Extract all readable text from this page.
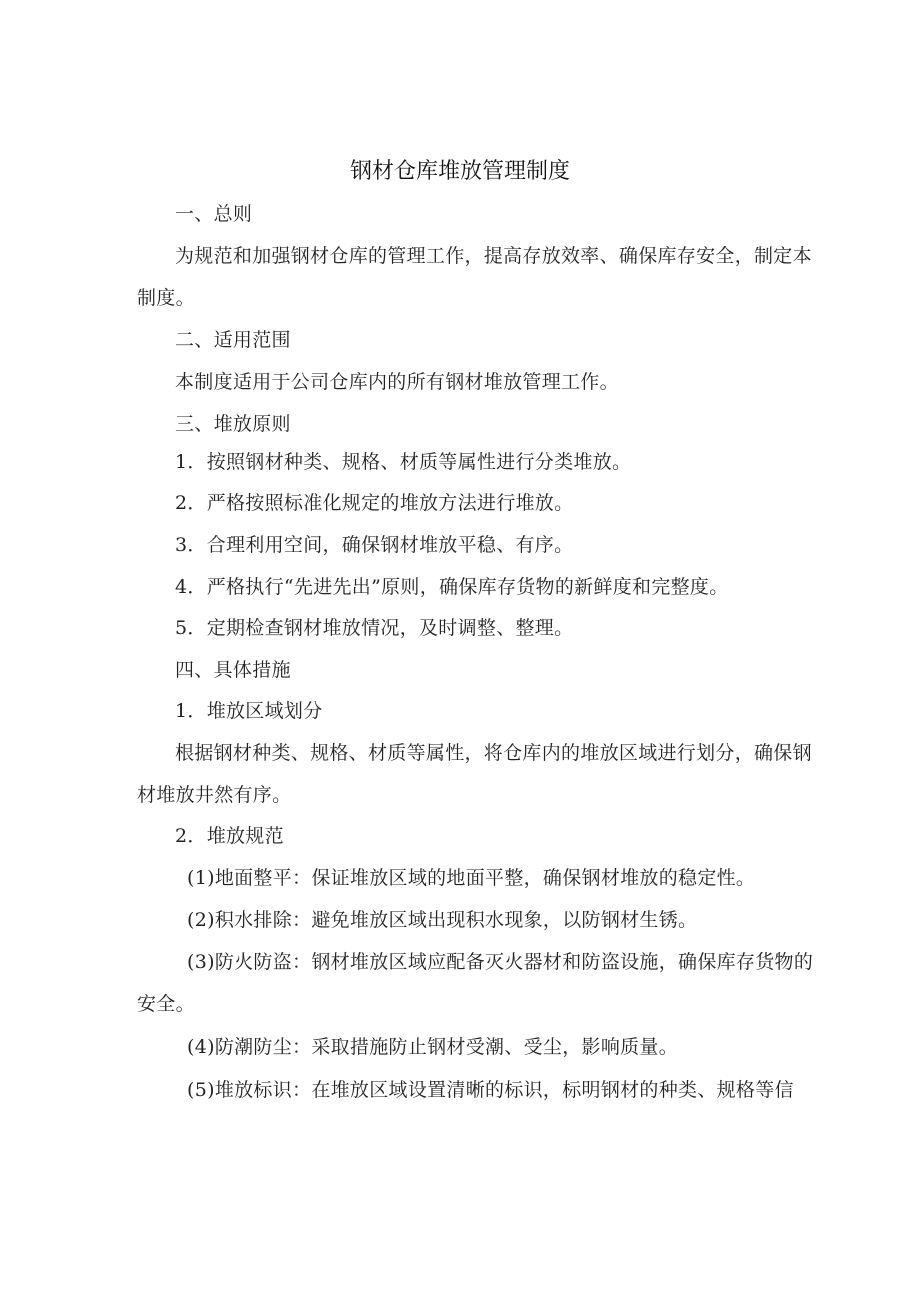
钢材仓库堆放管理制度
一、总则
为规范和加强钢材仓库的管理工作，提高存放效率、确保库存安全，制定本
制度。
二、适用范围
本制度适用于公司仓库内的所有钢材堆放管理工作。
三、堆放原则
1．按照钢材种类、规格、材质等属性进行分类堆放。
2．严格按照标准化规定的堆放方法进行堆放。
3．合理利用空间，确保钢材堆放平稳、有序。
4．严格执行“先进先出”原则，确保库存货物的新鲜度和完整度。
5．定期检查钢材堆放情况，及时调整、整理。
四、具体措施
1．堆放区域划分
根据钢材种类、规格、材质等属性，将仓库内的堆放区域进行划分，确保钢
材堆放井然有序。
2．堆放规范
(1)地面整平：保证堆放区域的地面平整，确保钢材堆放的稳定性。
(2)积水排除：避免堆放区域出现积水现象，以防钢材生锈。
(3)防火防盗：钢材堆放区域应配备灭火器材和防盗设施，确保库存货物的
安全。
(4)防潮防尘：采取措施防止钢材受潮、受尘，影响质量。
(5)堆放标识：在堆放区域设置清晰的标识，标明钢材的种类、规格等信
